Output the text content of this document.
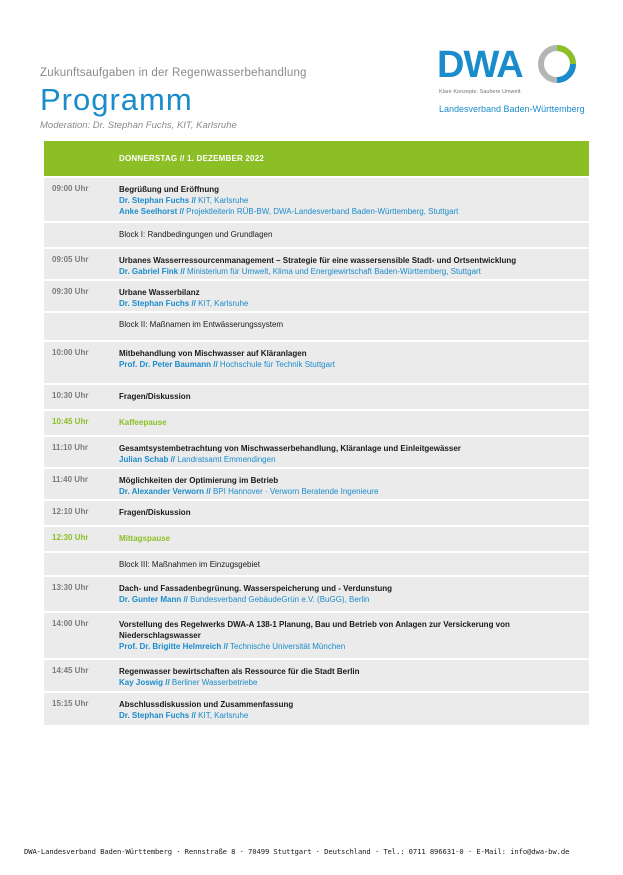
Zukunftsaufgaben in der Regenwasserbehandlung
Programm
Moderation: Dr. Stephan Fuchs, KIT, Karlsruhe
DWA
Klare Konzepte. Saubere Umwelt.
Landesverband Baden-Württemberg
DONNERSTAG // 1. DEZEMBER 2022
09:00 Uhr	Begrüßung und Eröffnung
Dr. Stephan Fuchs // KIT, Karlsruhe
Anke Seelhorst // Projektleiterin RÜB-BW, DWA-Landesverband Baden-Württemberg, Stuttgart
Block I: Randbedingungen und Grundlagen
09:05 Uhr	Urbanes Wasserressourcenmanagement – Strategie für eine wassersensible Stadt- und Ortsentwicklung
Dr. Gabriel Fink // Ministerium für Umwelt, Klima und Energiewirtschaft Baden-Württemberg, Stuttgart
09:30 Uhr	Urbane Wasserbilanz
Dr. Stephan Fuchs // KIT, Karlsruhe
Block II: Maßnamen im Entwässerungssystem
10:00 Uhr	Mitbehandlung von Mischwasser auf Kläranlagen
Prof. Dr. Peter Baumann // Hochschule für Technik Stuttgart
10:30 Uhr	Fragen/Diskussion
10:45 Uhr	Kaffeepause
11:10 Uhr	Gesamtsystembetrachtung von Mischwasserbehandlung, Kläranlage und Einleitgewässer
Julian Schab // Landratsamt Emmendingen
11:40 Uhr	Möglichkeiten der Optimierung im Betrieb
Dr. Alexander Verworn // BPI Hannover · Verworn Beratende Ingenieure
12:10 Uhr	Fragen/Diskussion
12:30 Uhr	Mittagspause
Block III: Maßnahmen im Einzugsgebiet
13:30 Uhr	Dach- und Fassadenbegrünung. Wasserspeicherung und - Verdunstung
Dr. Gunter Mann // Bundesverband GebäudeGrün e.V. (BuGG), Berlin
14:00 Uhr	Vorstellung des Regelwerks DWA-A 138-1 Planung, Bau und Betrieb von Anlagen zur Versickerung von Niederschlagswasser
Prof. Dr. Brigitte Helmreich // Technische Universität München
14:45 Uhr	Regenwasser bewirtschaften als Ressource für die Stadt Berlin
Kay Joswig // Berliner Wasserbetriebe
15:15 Uhr	Abschlussdiskussion und Zusammenfassung
Dr. Stephan Fuchs // KIT, Karlsruhe
DWA-Landesverband Baden-Württemberg · Rennstraße 8 · 70499 Stuttgart · Deutschland · Tel.: 0711 896631-0 · E-Mail: info@dwa-bw.de
